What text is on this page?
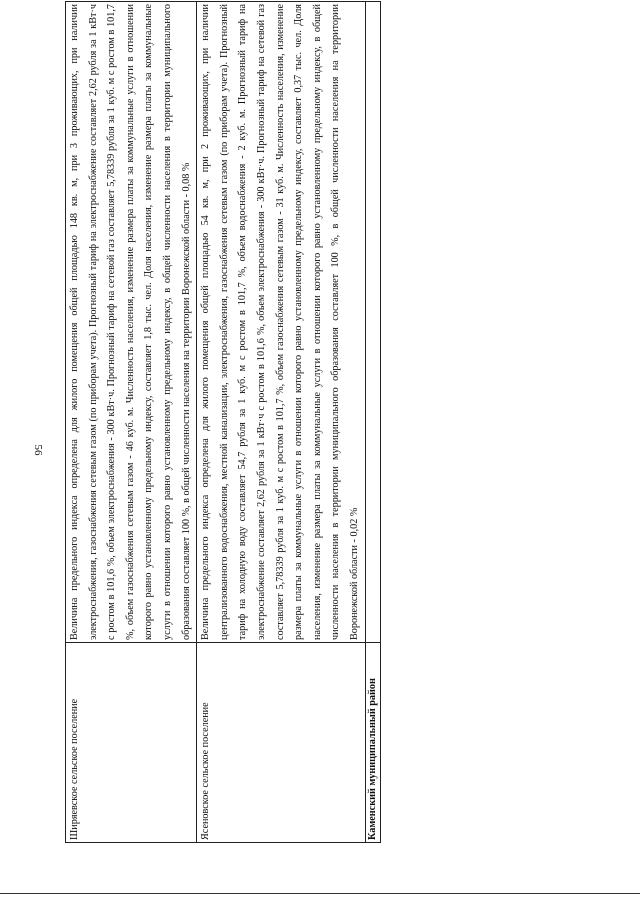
56
Ширяевское сельское поселение	Величина предельного индекса определена для жилого помещения общей площадью 148 кв. м, при 3 проживающих, при наличии электроснабжения, газоснабжения сетевым газом (по приборам учета). Прогнозный тариф на электроснабжение составляет 2,62 рубля за 1 кВт·ч с ростом в 101,6 %, объем электроснабжения - 300 кВт·ч. Прогнозный тариф на сетевой газ составляет 5,78339 рубля за 1 куб. м с ростом в 101,7 %, объем газоснабжения сетевым газом - 46 куб. м. Численность населения, изменение размера платы за коммунальные услуги в отношении которого равно установленному предельному индексу, составляет 1,8 тыс. чел. Доля населения, изменение размера платы за коммунальные услуги в отношении которого равно установленному предельному индексу, в общей численности населения в территории муниципального образования составляет 100 %, в общей численности населения на территории Воронежской области - 0,08 %
Ясеновское сельское поселение	Величина предельного индекса определена для жилого помещения общей площадью 54 кв. м, при 2 проживающих, при наличии централизованного водоснабжения, местной канализации, электроснабжения, газоснабжения сетевым газом (по приборам учета). Прогнозный тариф на холодную воду составляет 54,7 рубля за 1 куб. м с ростом в 101,7 %, объем водоснабжения - 2 куб. м. Прогнозный тариф на электроснабжение составляет 2,62 рубля за 1 кВт·ч с ростом в 101,6 %, объем электроснабжения - 300 кВт·ч. Прогнозный тариф на сетевой газ составляет 5,78339 рубля за 1 куб. м с ростом в 101,7 %, объем газоснабжения сетевым газом - 31 куб. м. Численность населения, изменение размера платы за коммунальные услуги в отношении которого равно установленному предельному индексу, составляет 0,37 тыс. чел. Доля населения, изменение размера платы за коммунальные услуги в отношении которого равно установленному предельному индексу, в общей численности населения в территории муниципального образования составляет 100 %, в общей численности населения на территории Воронежской области - 0,02 %
Каменский муниципальный район	
